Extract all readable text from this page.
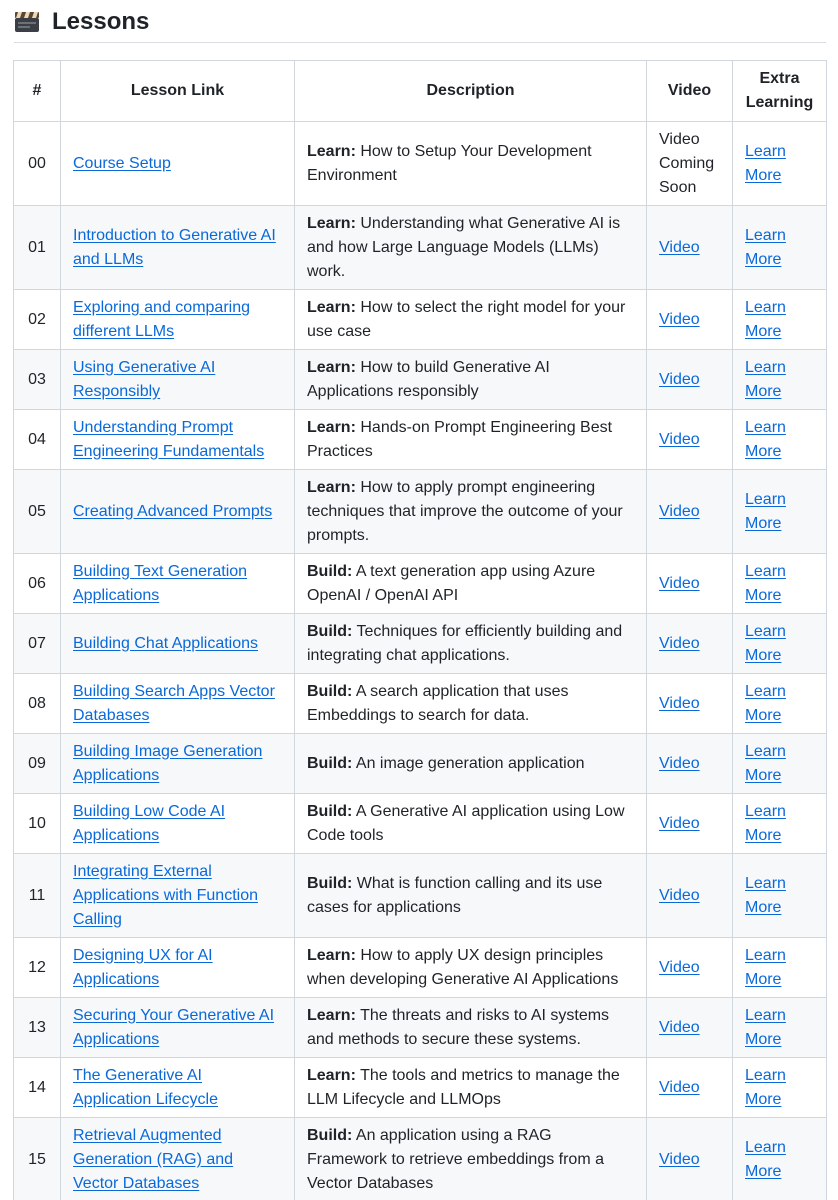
Lessons
#	Lesson Link	Description	Video	Extra Learning
00	Course Setup	Learn: How to Setup Your Development Environment	Video Coming Soon	Learn More
01	Introduction to Generative AI and LLMs	Learn: Understanding what Generative AI is and how Large Language Models (LLMs) work.	Video	Learn More
02	Exploring and comparing different LLMs	Learn: How to select the right model for your use case	Video	Learn More
03	Using Generative AI Responsibly	Learn: How to build Generative AI Applications responsibly	Video	Learn More
04	Understanding Prompt Engineering Fundamentals	Learn: Hands-on Prompt Engineering Best Practices	Video	Learn More
05	Creating Advanced Prompts	Learn: How to apply prompt engineering techniques that improve the outcome of your prompts.	Video	Learn More
06	Building Text Generation Applications	Build: A text generation app using Azure OpenAI / OpenAI API	Video	Learn More
07	Building Chat Applications	Build: Techniques for efficiently building and integrating chat applications.	Video	Learn More
08	Building Search Apps Vector Databases	Build: A search application that uses Embeddings to search for data.	Video	Learn More
09	Building Image Generation Applications	Build: An image generation application	Video	Learn More
10	Building Low Code AI Applications	Build: A Generative AI application using Low Code tools	Video	Learn More
11	Integrating External Applications with Function Calling	Build: What is function calling and its use cases for applications	Video	Learn More
12	Designing UX for AI Applications	Learn: How to apply UX design principles when developing Generative AI Applications	Video	Learn More
13	Securing Your Generative AI Applications	Learn: The threats and risks to AI systems and methods to secure these systems.	Video	Learn More
14	The Generative AI Application Lifecycle	Learn: The tools and metrics to manage the LLM Lifecycle and LLMOps	Video	Learn More
15	Retrieval Augmented Generation (RAG) and Vector Databases	Build: An application using a RAG Framework to retrieve embeddings from a Vector Databases	Video	Learn More
